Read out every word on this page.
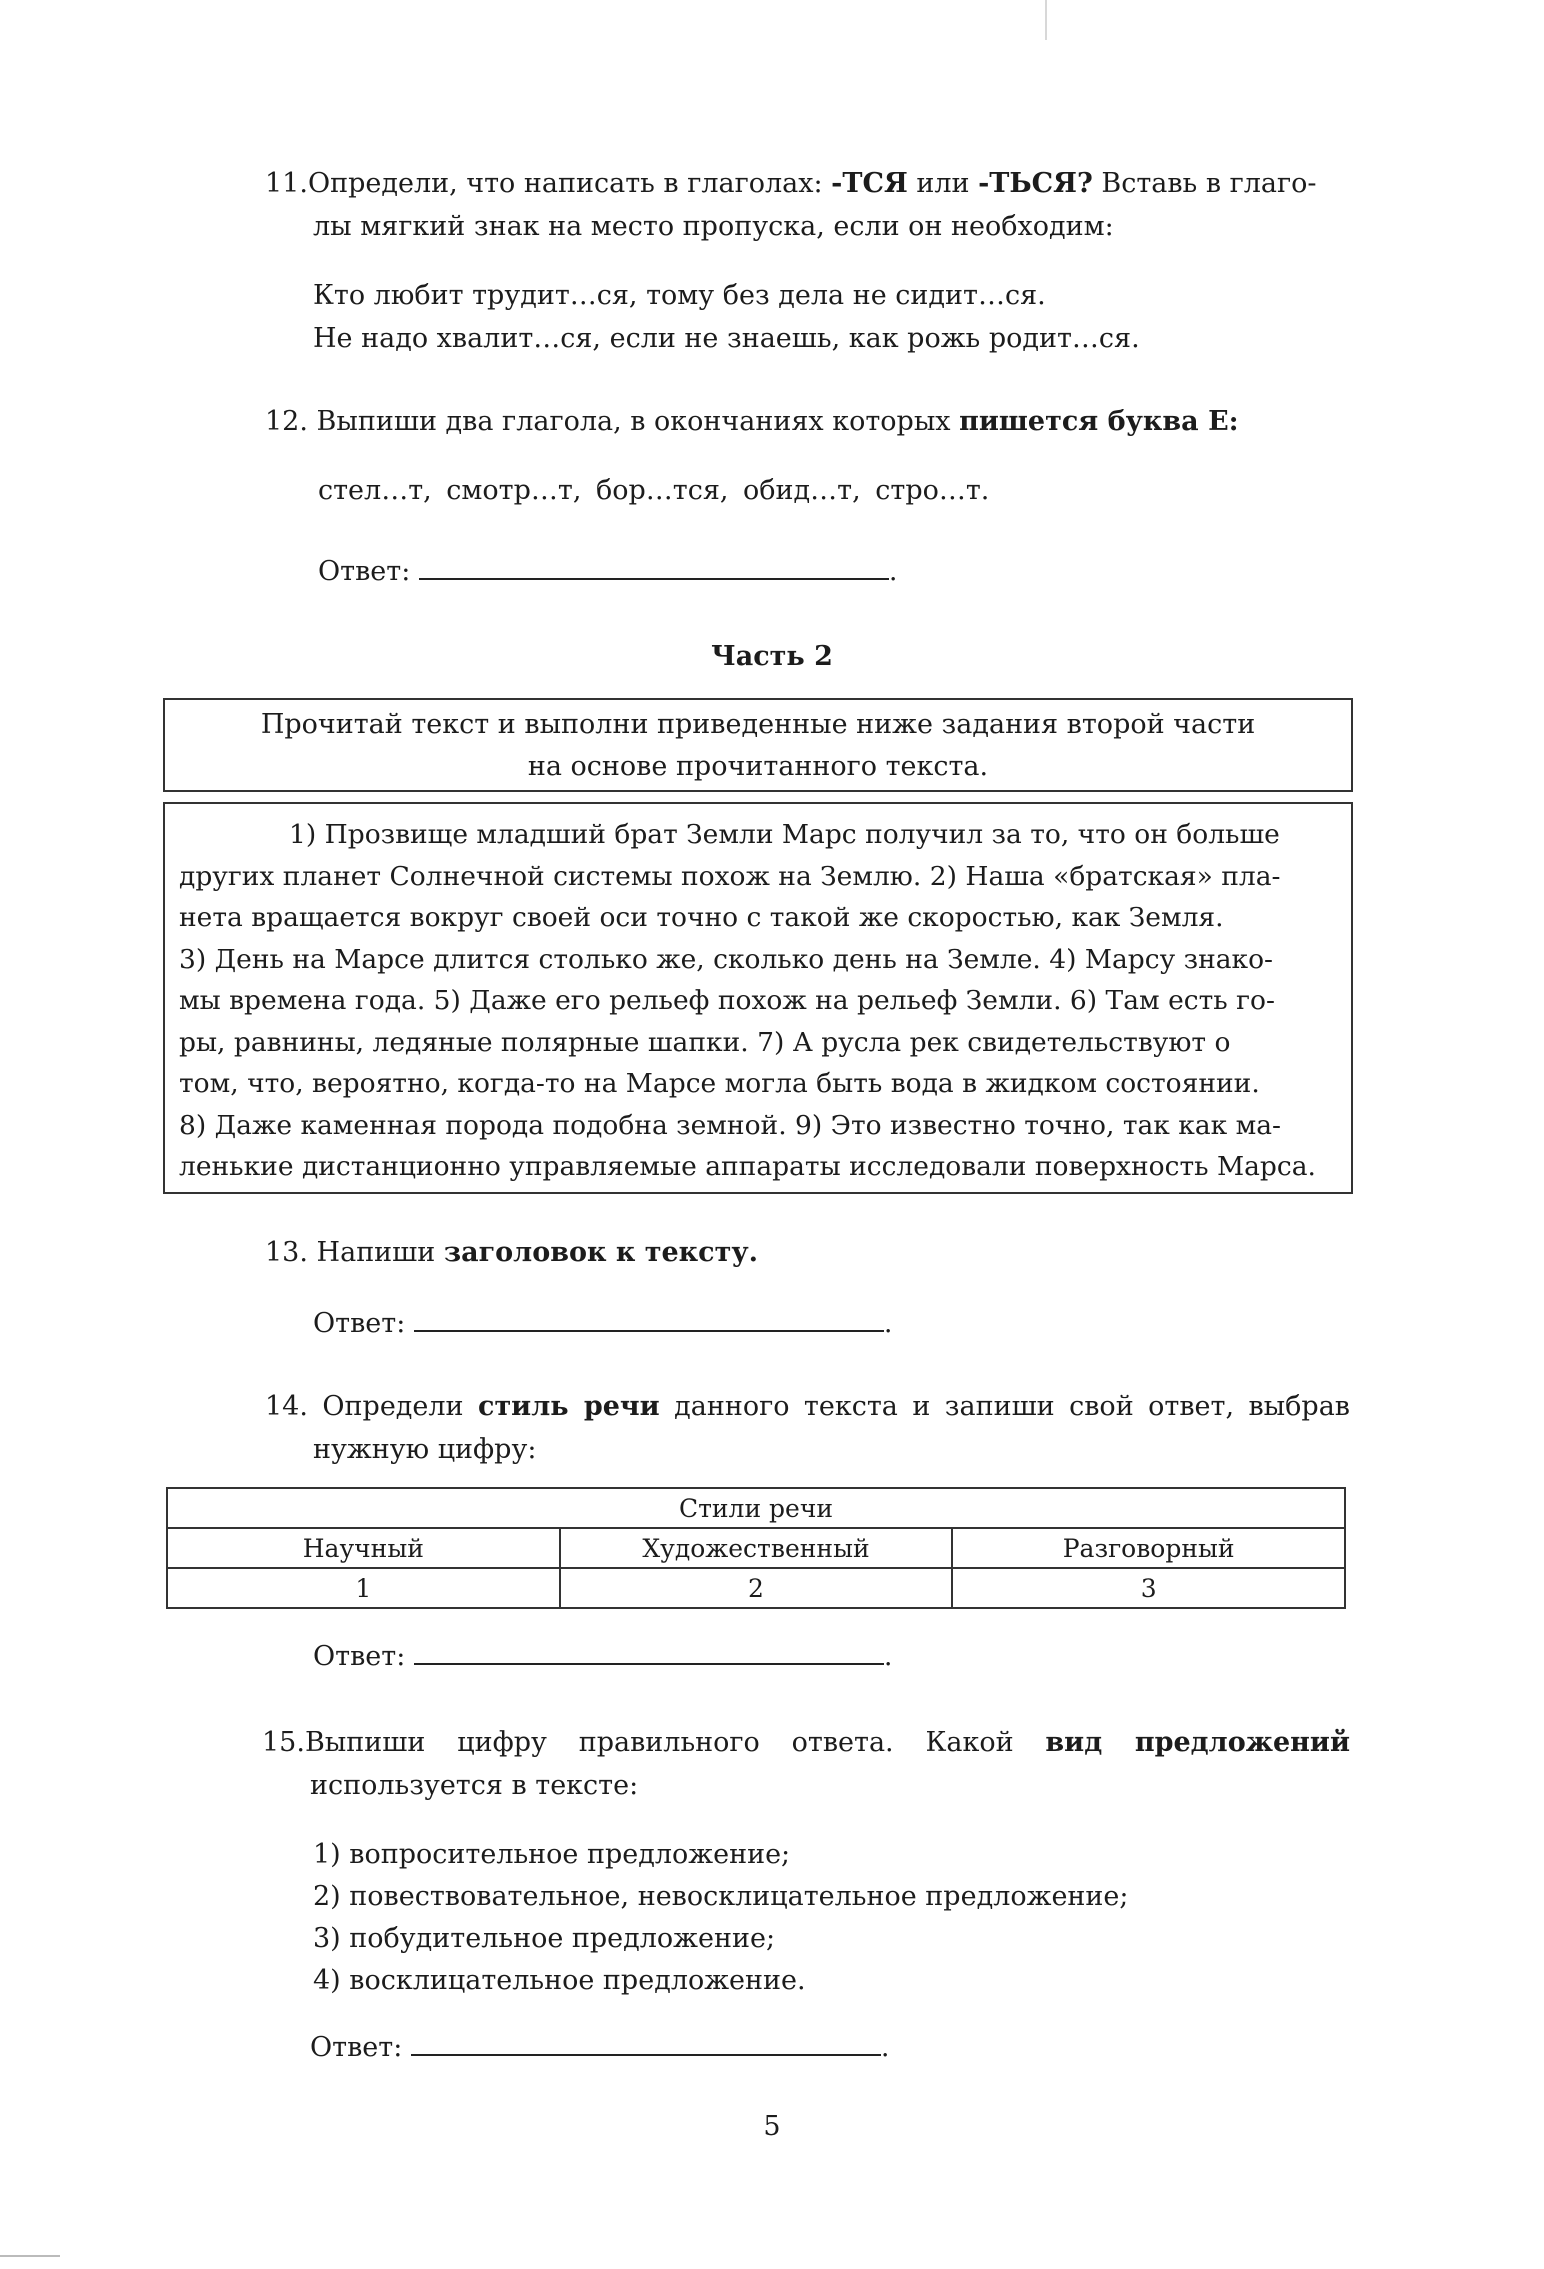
11.Определи, что написать в глаголах: -ТСЯ или -ТЬСЯ? Вставь в глаго-
лы мягкий знак на место пропуска, если он необходим:
Кто любит трудит…ся, тому без дела не сидит…ся.
Не надо хвалит…ся, если не знаешь, как рожь родит…ся.
12. Выпиши два глагола, в окончаниях которых пишется буква Е:
стел…т, смотр…т, бор…тся, обид…т, стро…т.
Ответ:	.
Часть 2
Прочитай текст и выполни приведенные ниже задания второй части
на основе прочитанного текста.
1) Прозвище младший брат Земли Марс получил за то, что он больше
других планет Солнечной системы похож на Землю. 2) Наша «братская» пла-
нета вращается вокруг своей оси точно с такой же скоростью, как Земля.
3) День на Марсе длится столько же, сколько день на Земле. 4) Марсу знако-
мы времена года. 5) Даже его рельеф похож на рельеф Земли. 6) Там есть го-
ры, равнины, ледяные полярные шапки. 7) А русла рек свидетельствуют о
том, что, вероятно, когда-то на Марсе могла быть вода в жидком состоянии.
8) Даже каменная порода подобна земной. 9) Это известно точно, так как ма-
ленькие дистанционно управляемые аппараты исследовали поверхность Марса.
13. Напиши заголовок к тексту.
Ответ:	.
14. Определи стиль речи данного текста и запиши свой ответ, выбрав
нужную цифру:
Стили речи		
Научный	Художественный	Разговорный
1	2	3
Ответ:	.
15.Выпиши цифру правильного ответа. Какой вид предложений
используется в тексте:
1) вопросительное предложение;
2) повествовательное, невосклицательное предложение;
3) побудительное предложение;
4) восклицательное предложение.
Ответ:	.
5
